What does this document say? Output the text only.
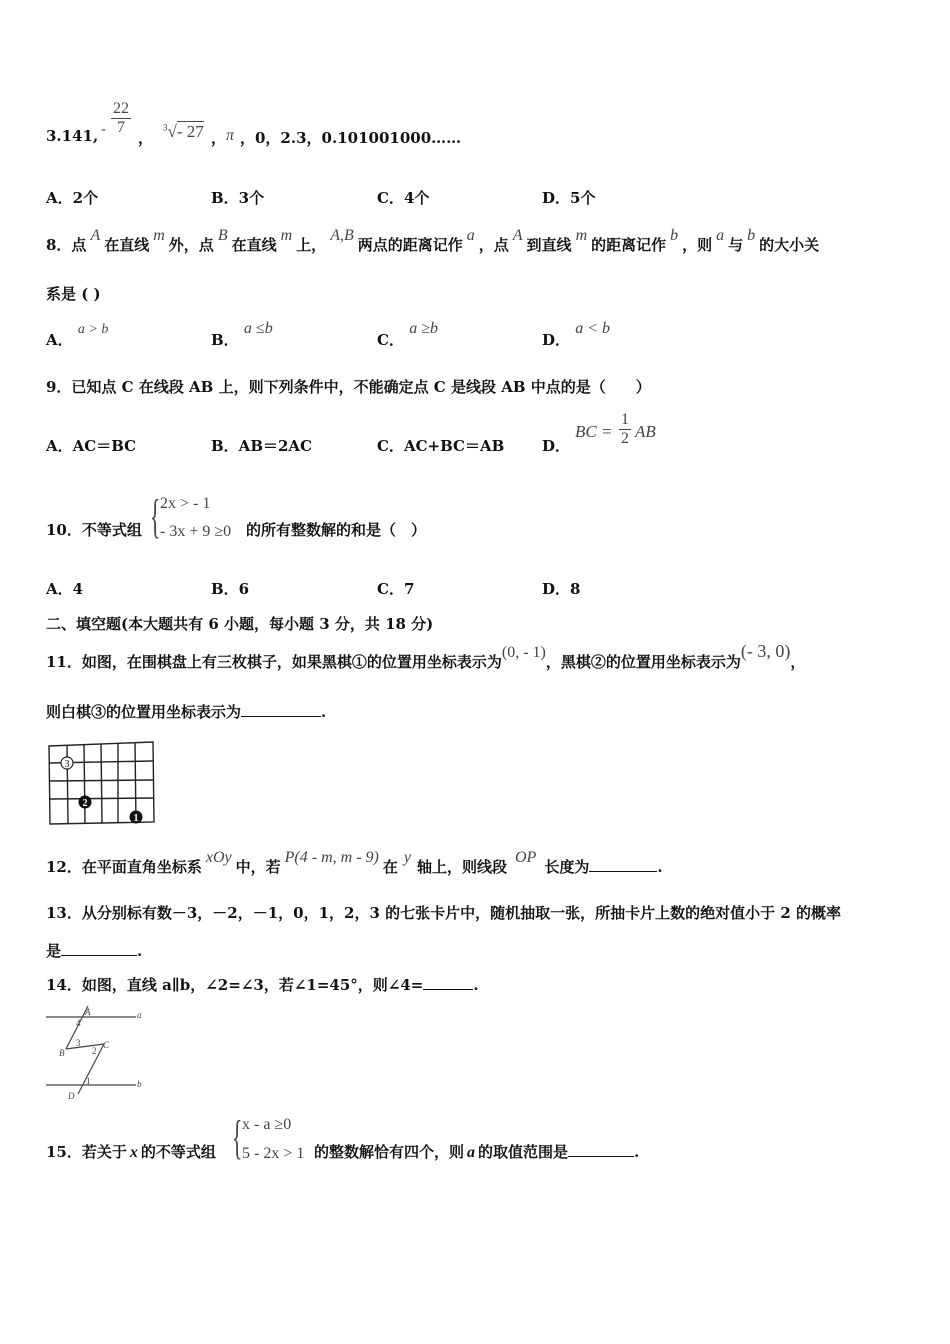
3.141, - $\frac{22}{7}$
，
$^3$√- 27 ， π ，0，2.3，0.101001000……
A．2个	B．3个	C．4个	D．5个
8．点A在直线m外，点B在直线m上，A,B两点的距离记作a，点A到直线m的距离记作b，则a与b的大小关
系是 ( )
A． a > b
B． a ≤b
C． a ≥b
D． a < b
9．已知点 C 在线段 AB 上，则下列条件中，不能确定点 C 是线段 AB 中点的是（　　）
A．AC＝BC	B．AB＝2AC	C．AC+BC＝AB	D．
BC = $\frac{1}{2}$ AB
10．不等式组 { 2x > - 1
- 3x + 9 ≥0 的所有整数解的和是（　）
A．4	B．6	C．7	D．8
二、填空题(本大题共有 6 小题，每小题 3 分，共 18 分)
11．如图，在围棋盘上有三枚棋子，如果黑棋①的位置用坐标表示为(0, - 1)，黑棋②的位置用坐标表示为(- 3, 0)，
则白棋③的位置用坐标表示为	.
3
2
1
12．在平面直角坐标系xOy中，若P(4 - m, m - 9)在y轴上，则线段OP长度为	.
13．从分别标有数－3，－2，－1，0，1，2，3 的七张卡片中，随机抽取一张，所抽卡片上数的绝对值小于 2 的概率
是	.
14．如图，直线 a∥b，∠2=∠3，若∠1=45°，则∠4=	.
a
b
A
B
C
D
1
2
3
4
15．若关于 x 的不等式组 { x - a ≥0
5 - 2x > 1 的整数解恰有四个，则 a 的取值范围是	.
